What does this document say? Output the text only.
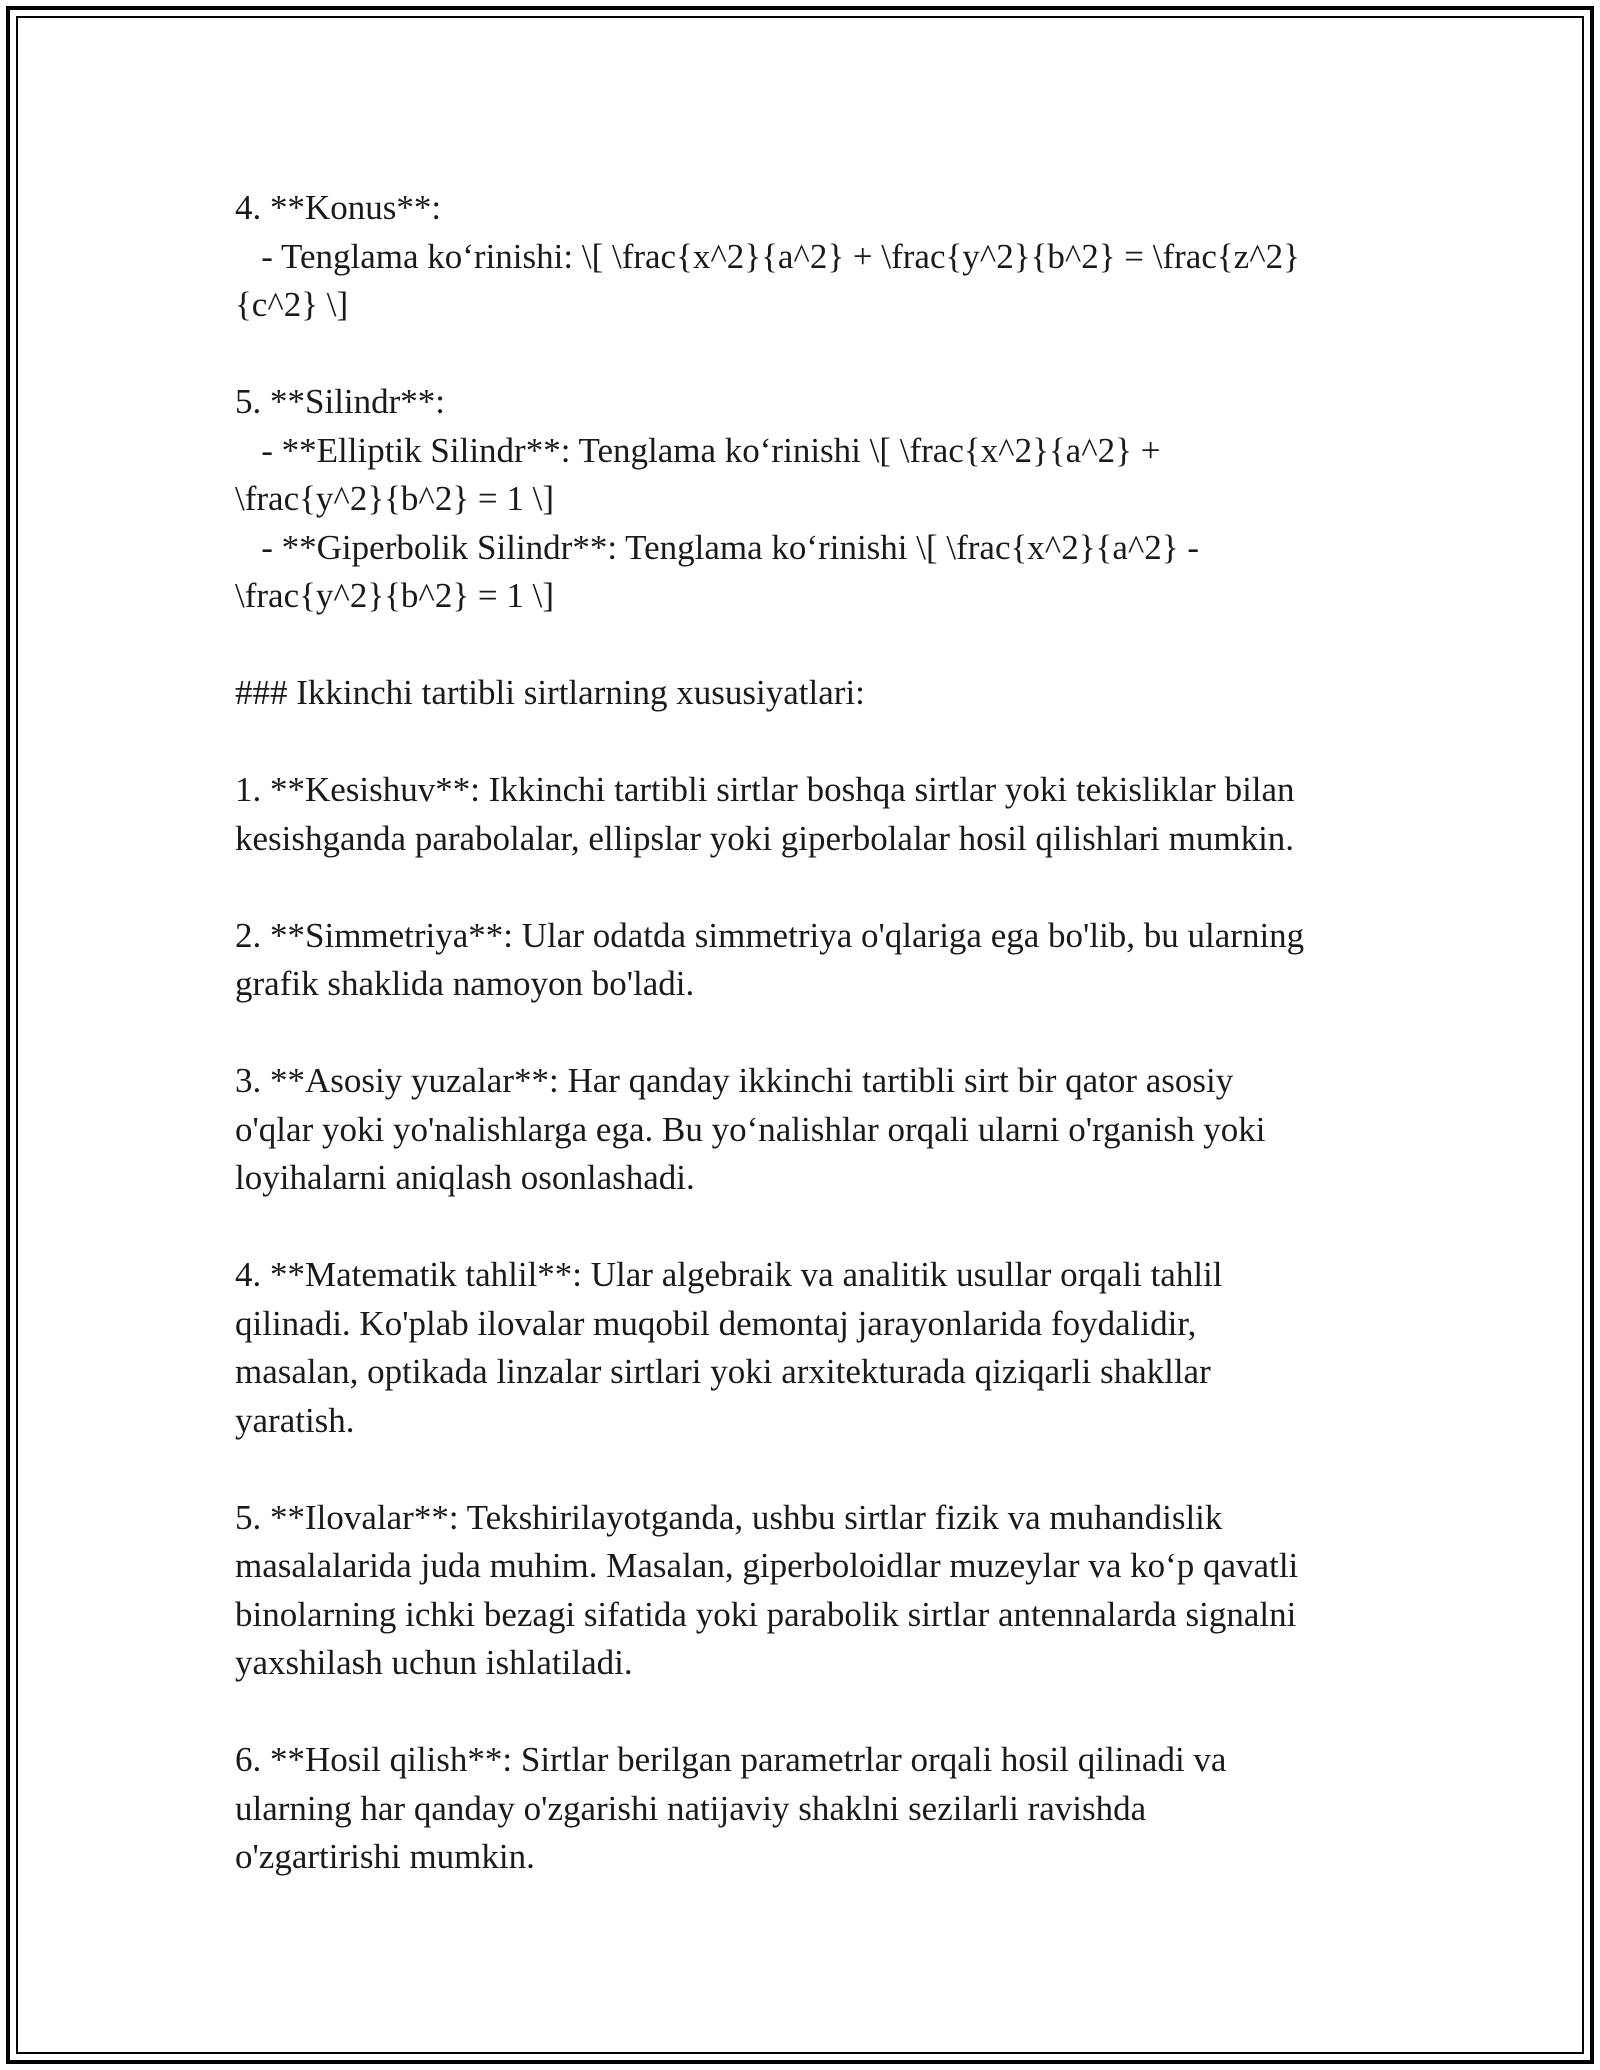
4. **Konus**:
- Tenglama ko‘rinishi: \[ \frac{x^2}{a^2} + \frac{y^2}{b^2} = \frac{z^2}
{c^2} \]
5. **Silindr**:
- **Elliptik Silindr**: Tenglama ko‘rinishi \[ \frac{x^2}{a^2} +
\frac{y^2}{b^2} = 1 \]
- **Giperbolik Silindr**: Tenglama ko‘rinishi \[ \frac{x^2}{a^2} -
\frac{y^2}{b^2} = 1 \]
### Ikkinchi tartibli sirtlarning xususiyatlari:
1. **Kesishuv**: Ikkinchi tartibli sirtlar boshqa sirtlar yoki tekisliklar bilan
kesishganda parabolalar, ellipslar yoki giperbolalar hosil qilishlari mumkin.
2. **Simmetriya**: Ular odatda simmetriya o'qlariga ega bo'lib, bu ularning
grafik shaklida namoyon bo'ladi.
3. **Asosiy yuzalar**: Har qanday ikkinchi tartibli sirt bir qator asosiy
o'qlar yoki yo'nalishlarga ega. Bu yo‘nalishlar orqali ularni o'rganish yoki
loyihalarni aniqlash osonlashadi.
4. **Matematik tahlil**: Ular algebraik va analitik usullar orqali tahlil
qilinadi. Ko'plab ilovalar muqobil demontaj jarayonlarida foydalidir,
masalan, optikada linzalar sirtlari yoki arxitekturada qiziqarli shakllar
yaratish.
5. **Ilovalar**: Tekshirilayotganda, ushbu sirtlar fizik va muhandislik
masalalarida juda muhim. Masalan, giperboloidlar muzeylar va ko‘p qavatli
binolarning ichki bezagi sifatida yoki parabolik sirtlar antennalarda signalni
yaxshilash uchun ishlatiladi.
6. **Hosil qilish**: Sirtlar berilgan parametrlar orqali hosil qilinadi va
ularning har qanday o'zgarishi natijaviy shaklni sezilarli ravishda
o'zgartirishi mumkin.
